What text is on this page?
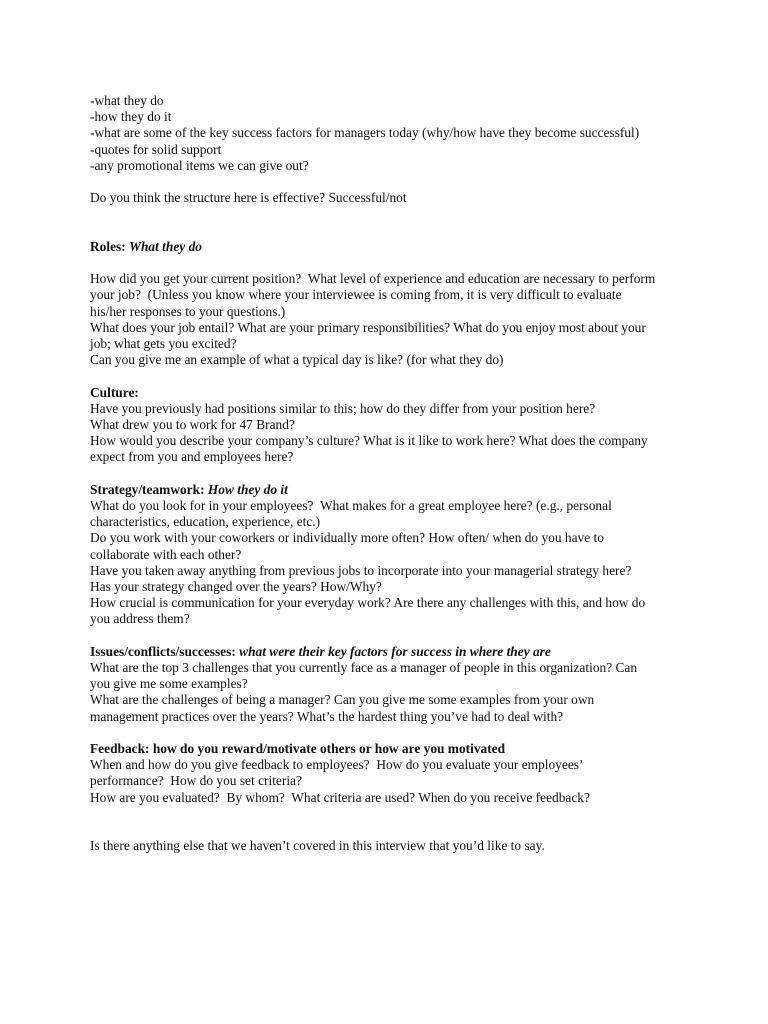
-what they do

-how they do it

-what are some of the key success factors for managers today (why/how have they become successful)

-quotes for solid support

-any promotional items we can give out?

Do you think the structure here is effective? Successful/not

Roles: What they do

How did you get your current position?  What level of experience and education are necessary to perform

your job?  (Unless you know where your interviewee is coming from, it is very difficult to evaluate

his/her responses to your questions.)

What does your job entail? What are your primary responsibilities? What do you enjoy most about your

job; what gets you excited?

Can you give me an example of what a typical day is like? (for what they do)

Culture:

Have you previously had positions similar to this; how do they differ from your position here?

What drew you to work for 47 Brand?

How would you describe your company’s culture? What is it like to work here? What does the company

expect from you and employees here?

Strategy/teamwork: How they do it

What do you look for in your employees?  What makes for a great employee here? (e.g., personal

characteristics, education, experience, etc.)

Do you work with your coworkers or individually more often? How often/ when do you have to

collaborate with each other?

Have you taken away anything from previous jobs to incorporate into your managerial strategy here?

Has your strategy changed over the years? How/Why?

How crucial is communication for your everyday work? Are there any challenges with this, and how do

you address them?

Issues/conflicts/successes: what were their key factors for success in where they are

What are the top 3 challenges that you currently face as a manager of people in this organization? Can

you give me some examples?

What are the challenges of being a manager? Can you give me some examples from your own

management practices over the years? What’s the hardest thing you’ve had to deal with?

Feedback: how do you reward/motivate others or how are you motivated

When and how do you give feedback to employees?  How do you evaluate your employees’

performance?  How do you set criteria?

How are you evaluated?  By whom?  What criteria are used? When do you receive feedback?

Is there anything else that we haven’t covered in this interview that you’d like to say.
